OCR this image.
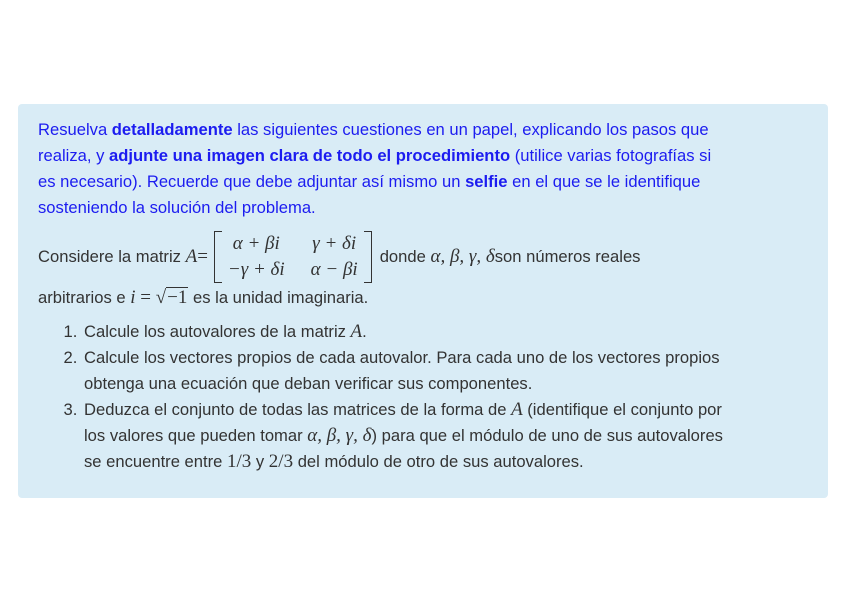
Resuelva detalladamente las siguientes cuestiones en un papel, explicando los pasos que
realiza, y adjunte una imagen clara de todo el procedimiento (utilice varias fotografías si
es necesario). Recuerde que debe adjuntar así mismo un selfie en el que se le identifique
sosteniendo la solución del problema.
Considere la matriz
A =
α + βi γ + δi
−γ + δi α − βi
donde
α, β, γ, δ son números reales
arbitrarios e i = √−1 es la unidad imaginaria.
1. Calcule los autovalores de la matriz A.
2. Calcule los vectores propios de cada autovalor. Para cada uno de los vectores propios
obtenga una ecuación que deban verificar sus componentes.
3. Deduzca el conjunto de todas las matrices de la forma de A (identifique el conjunto por
los valores que pueden tomar α, β, γ, δ) para que el módulo de uno de sus autovalores
se encuentre entre 1/3 y 2/3 del módulo de otro de sus autovalores.
